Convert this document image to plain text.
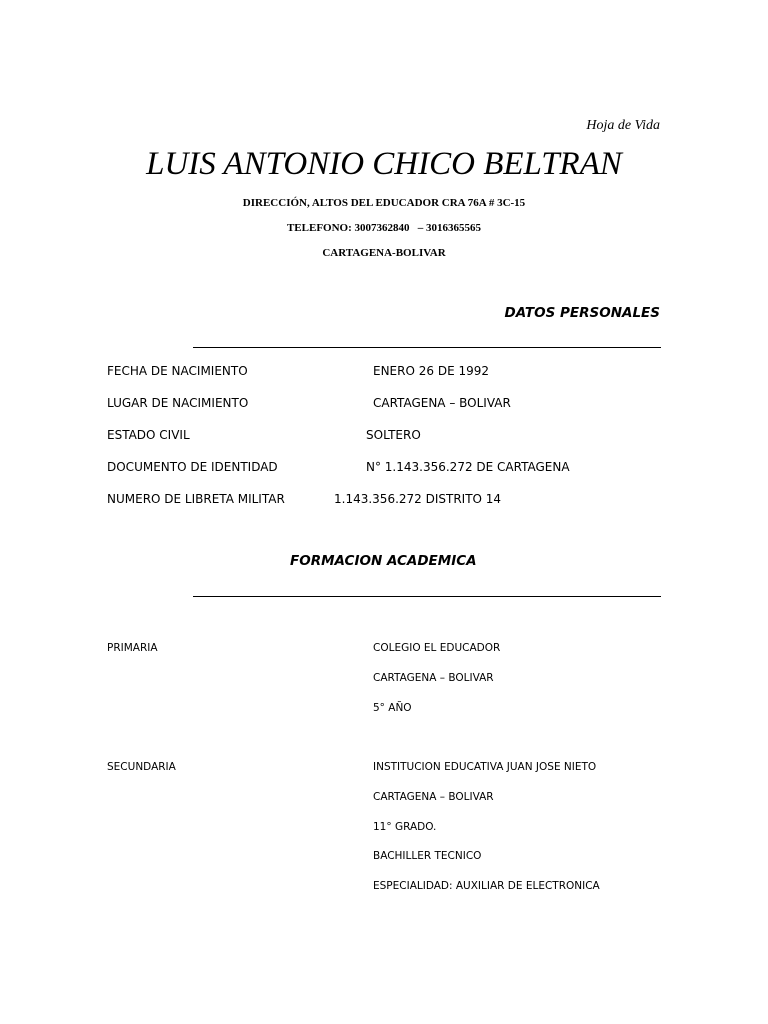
Hoja de Vida
LUIS ANTONIO CHICO BELTRAN
DIRECCIÓN, ALTOS DEL EDUCADOR CRA 76A # 3C-15
TELEFONO: 3007362840   – 3016365565
CARTAGENA-BOLIVAR
DATOS PERSONALES
FECHA DE NACIMIENTO	ENERO 26 DE 1992
LUGAR DE NACIMIENTO	CARTAGENA – BOLIVAR
ESTADO CIVIL	SOLTERO
DOCUMENTO DE IDENTIDAD	N° 1.143.356.272 DE CARTAGENA
NUMERO DE LIBRETA MILITAR	1.143.356.272 DISTRITO 14
FORMACION ACADEMICA
PRIMARIA	COLEGIO EL EDUCADOR
CARTAGENA – BOLIVAR
5° AÑO
SECUNDARIA	INSTITUCION EDUCATIVA JUAN JOSE NIETO
CARTAGENA – BOLIVAR
11° GRADO.
BACHILLER TECNICO
ESPECIALIDAD: AUXILIAR DE ELECTRONICA
